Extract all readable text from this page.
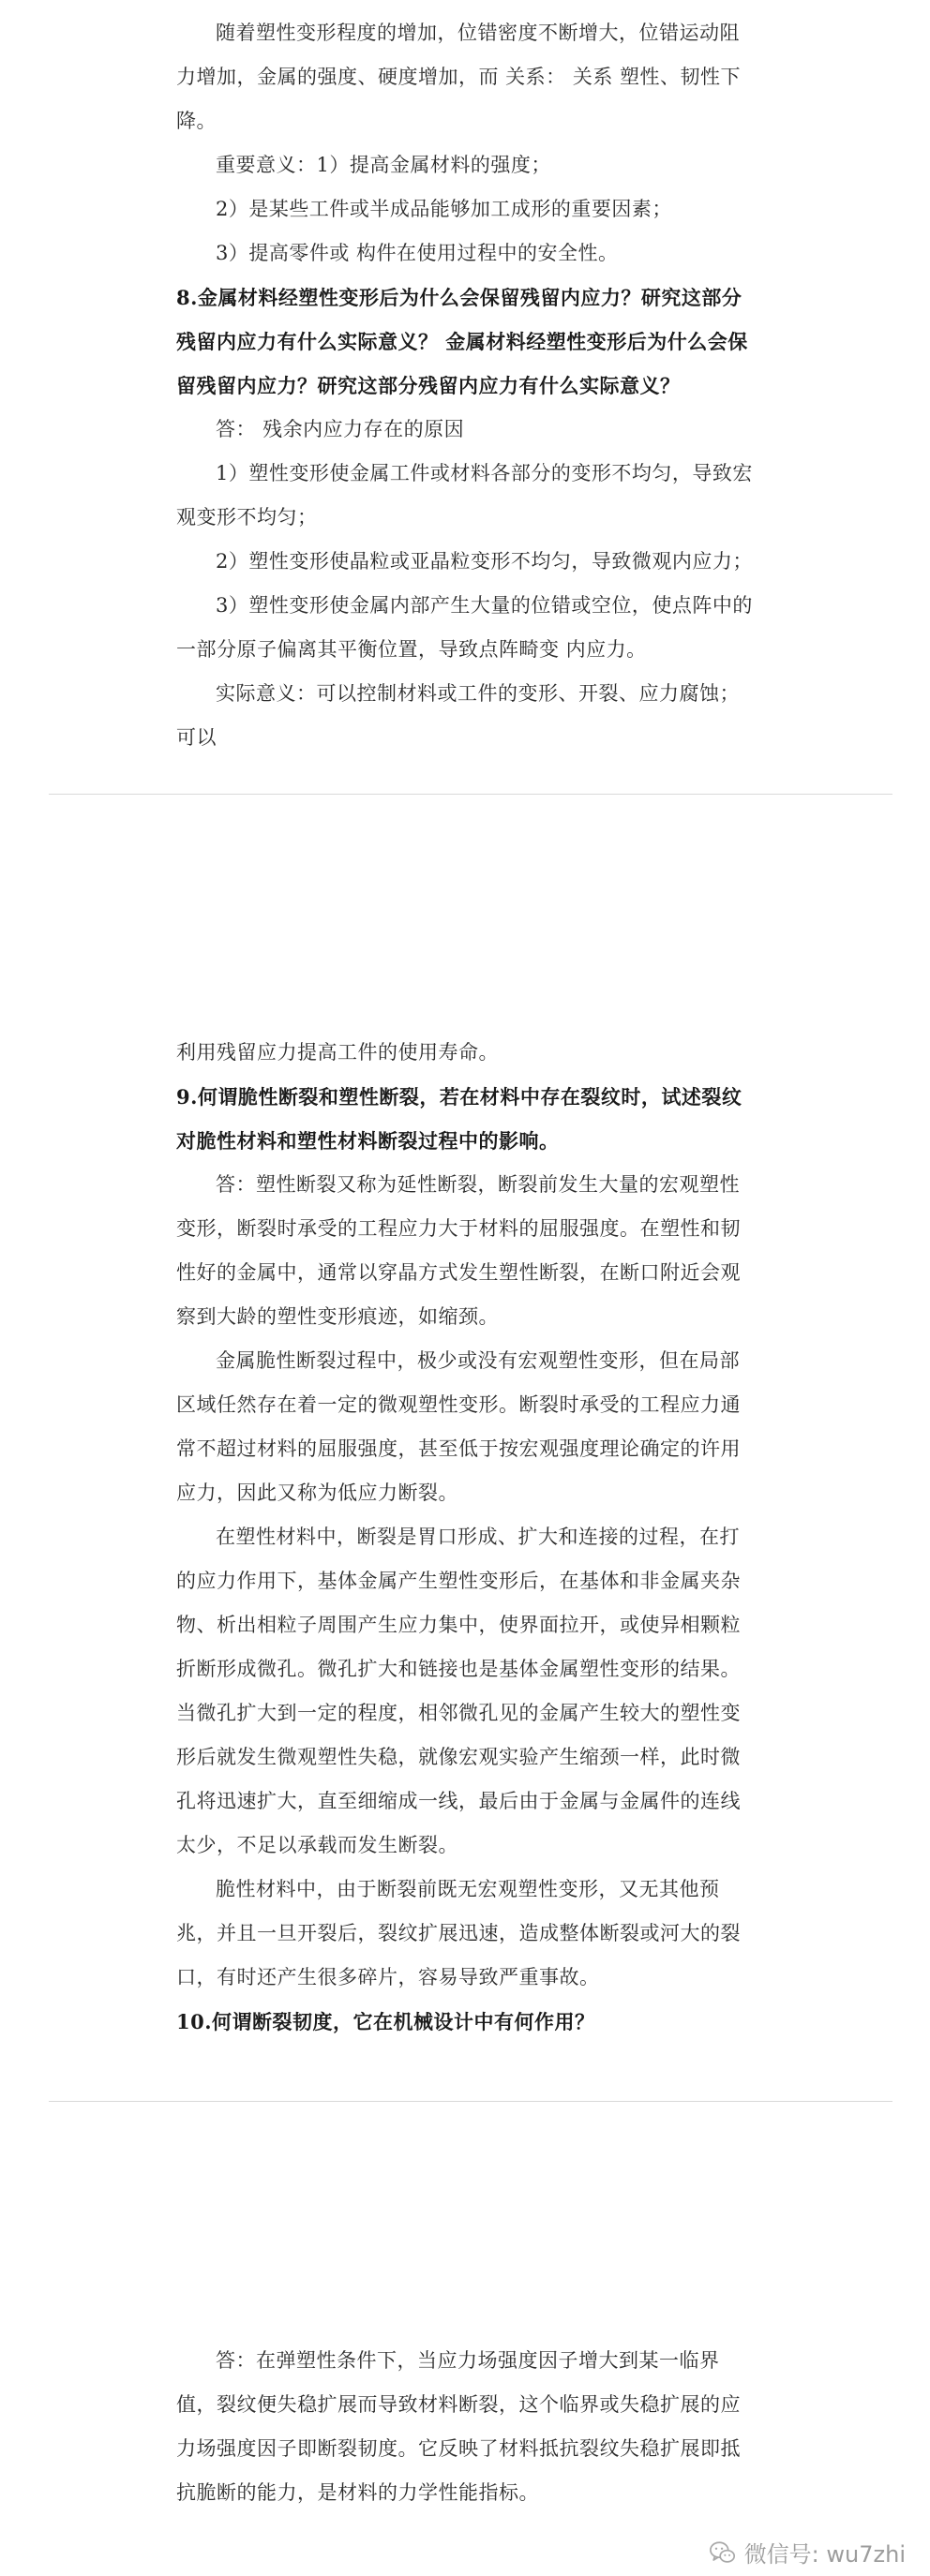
随着塑性变形程度的增加，位错密度不断增大，位错运动阻力增加，金属的强度、硬度增加，而 关系： 关系 塑性、韧性下降。

重要意义：1）提高金属材料的强度；

2）是某些工件或半成品能够加工成形的重要因素；

3）提高零件或 构件在使用过程中的安全性。

8.金属材料经塑性变形后为什么会保留残留内应力？研究这部分残留内应力有什么实际意义？ 金属材料经塑性变形后为什么会保留残留内应力？研究这部分残留内应力有什么实际意义？

答： 残余内应力存在的原因

1）塑性变形使金属工件或材料各部分的变形不均匀，导致宏观变形不均匀；

2）塑性变形使晶粒或亚晶粒变形不均匀，导致微观内应力；

3）塑性变形使金属内部产生大量的位错或空位，使点阵中的一部分原子偏离其平衡位置，导致点阵畸变 内应力。

实际意义：可以控制材料或工件的变形、开裂、应力腐蚀；可以

利用残留应力提高工件的使用寿命。

9.何谓脆性断裂和塑性断裂，若在材料中存在裂纹时，试述裂纹对脆性材料和塑性材料断裂过程中的影响。

答：塑性断裂又称为延性断裂，断裂前发生大量的宏观塑性变形，断裂时承受的工程应力大于材料的屈服强度。在塑性和韧性好的金属中，通常以穿晶方式发生塑性断裂，在断口附近会观察到大龄的塑性变形痕迹，如缩颈。

金属脆性断裂过程中，极少或没有宏观塑性变形，但在局部区域任然存在着一定的微观塑性变形。断裂时承受的工程应力通常不超过材料的屈服强度，甚至低于按宏观强度理论确定的许用应力，因此又称为低应力断裂。

在塑性材料中，断裂是胃口形成、扩大和连接的过程，在打的应力作用下，基体金属产生塑性变形后，在基体和非金属夹杂物、析出相粒子周围产生应力集中，使界面拉开，或使异相颗粒折断形成微孔。微孔扩大和链接也是基体金属塑性变形的结果。当微孔扩大到一定的程度，相邻微孔见的金属产生较大的塑性变形后就发生微观塑性失稳，就像宏观实验产生缩颈一样，此时微孔将迅速扩大，直至细缩成一线，最后由于金属与金属件的连线太少，不足以承载而发生断裂。

脆性材料中，由于断裂前既无宏观塑性变形，又无其他预兆，并且一旦开裂后，裂纹扩展迅速，造成整体断裂或河大的裂口，有时还产生很多碎片，容易导致严重事故。

10.何谓断裂韧度，它在机械设计中有何作用？

答：在弹塑性条件下，当应力场强度因子增大到某一临界值，裂纹便失稳扩展而导致材料断裂，这个临界或失稳扩展的应力场强度因子即断裂韧度。它反映了材料抵抗裂纹失稳扩展即抵抗脆断的能力，是材料的力学性能指标。

微信号: wu7zhi
